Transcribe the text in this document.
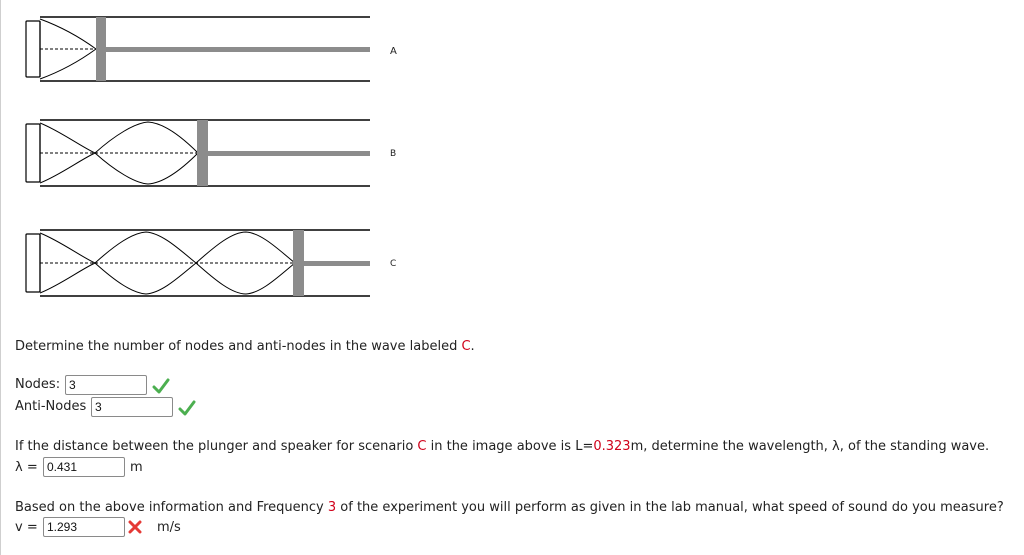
A
B
C
Determine the number of nodes and anti-nodes in the wave labeled C.
Nodes:
3
Anti-Nodes
3
If the distance between the plunger and speaker for scenario C in the image above is L=0.323m, determine the wavelength, λ, of the standing wave.
λ =
0.431	m
Based on the above information and Frequency 3 of the experiment you will perform as given in the lab manual, what speed of sound do you measure?
v =
1.293	m/s
